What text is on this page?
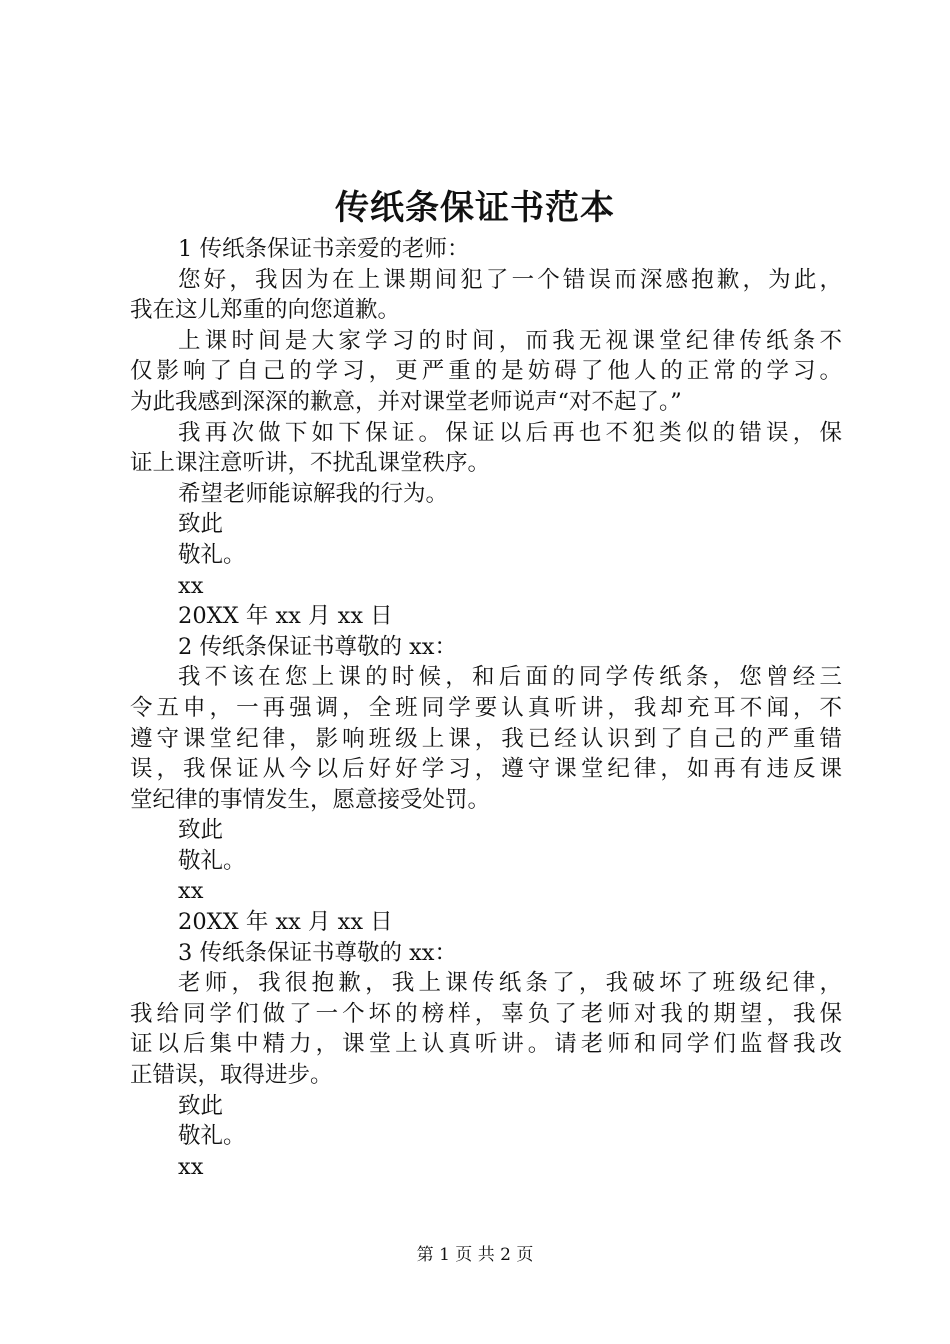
传纸条保证书范本
1 传纸条保证书亲爱的老师：
您好，我因为在上课期间犯了一个错误而深感抱歉，为此，
我在这儿郑重的向您道歉。
上课时间是大家学习的时间，而我无视课堂纪律传纸条不
仅影响了自己的学习，更严重的是妨碍了他人的正常的学习。
为此我感到深深的歉意，并对课堂老师说声“对不起了。”
我再次做下如下保证。保证以后再也不犯类似的错误，保
证上课注意听讲，不扰乱课堂秩序。
希望老师能谅解我的行为。
致此
敬礼。
xx
20XX 年 xx 月 xx 日
2 传纸条保证书尊敬的 xx：
我不该在您上课的时候，和后面的同学传纸条，您曾经三
令五申，一再强调，全班同学要认真听讲，我却充耳不闻，不
遵守课堂纪律，影响班级上课，我已经认识到了自己的严重错
误，我保证从今以后好好学习，遵守课堂纪律，如再有违反课
堂纪律的事情发生，愿意接受处罚。
致此
敬礼。
xx
20XX 年 xx 月 xx 日
3 传纸条保证书尊敬的 xx：
老师，我很抱歉，我上课传纸条了，我破坏了班级纪律，
我给同学们做了一个坏的榜样，辜负了老师对我的期望，我保
证以后集中精力，课堂上认真听讲。请老师和同学们监督我改
正错误，取得进步。
致此
敬礼。
xx
第 1 页 共 2 页
